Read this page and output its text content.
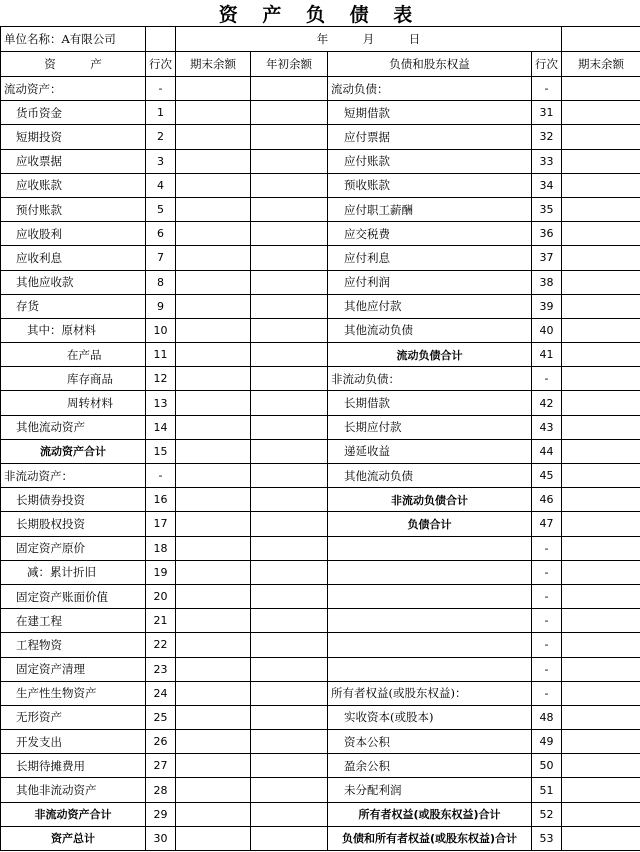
资 产 负 债 表
单位名称：A有限公司		年　　　月　　　日				
资　　　产	行次	期末余额	年初余额	负债和股东权益	行次	期末余额
流动资产：	-			流动负债：	-	
货币资金	1			短期借款	31	
短期投资	2			应付票据	32	
应收票据	3			应付账款	33	
应收账款	4			预收账款	34	
预付账款	5			应付职工薪酬	35	
应收股利	6			应交税费	36	
应收利息	7			应付利息	37	
其他应收款	8			应付利润	38	
存货	9			其他应付款	39	
其中：原材料	10			其他流动负债	40	
在产品	11			流动负债合计	41	
库存商品	12			非流动负债：	-	
周转材料	13			长期借款	42	
其他流动资产	14			长期应付款	43	
流动资产合计	15			递延收益	44	
非流动资产：	-			其他流动负债	45	
长期债券投资	16			非流动负债合计	46	
长期股权投资	17			负债合计	47	
固定资产原价	18				-	
减：累计折旧	19				-	
固定资产账面价值	20				-	
在建工程	21				-	
工程物资	22				-	
固定资产清理	23				-	
生产性生物资产	24			所有者权益(或股东权益)：	-	
无形资产	25			实收资本(或股本)	48	
开发支出	26			资本公积	49	
长期待摊费用	27			盈余公积	50	
其他非流动资产	28			未分配利润	51	
非流动资产合计	29			所有者权益(或股东权益)合计	52	
资产总计	30			负债和所有者权益(或股东权益)合计	53	
